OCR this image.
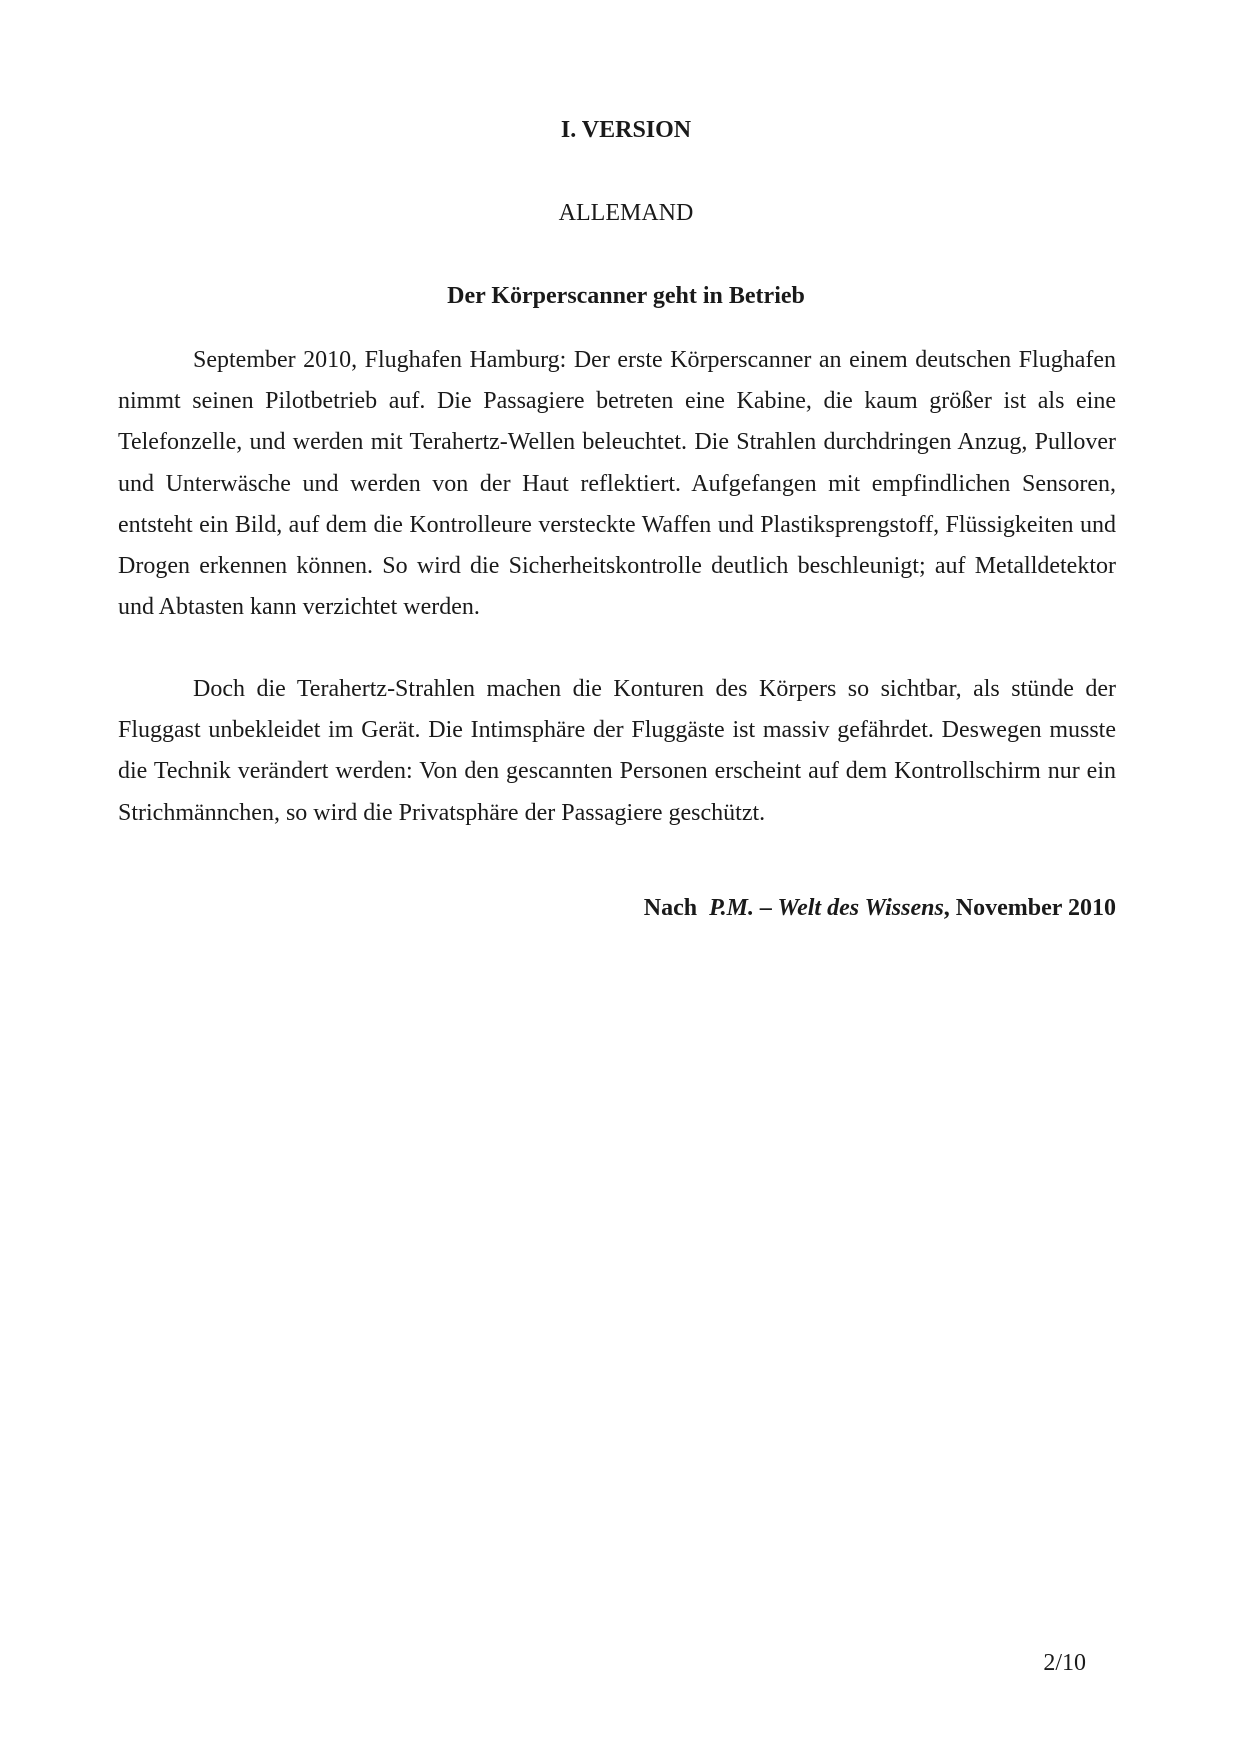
I. VERSION
ALLEMAND
Der Körperscanner geht in Betrieb

September 2010, Flughafen Hamburg: Der erste Körperscanner an einem deutschen Flughafen nimmt seinen Pilotbetrieb auf. Die Passagiere betreten eine Kabine, die kaum größer ist als eine Telefonzelle, und werden mit Terahertz-Wellen beleuchtet. Die Strahlen durchdringen Anzug, Pullover und Unterwäsche und werden von der Haut reflektiert. Aufgefangen mit empfindlichen Sensoren, entsteht ein Bild, auf dem die Kontrolleure versteckte Waffen und Plastiksprengstoff, Flüssigkeiten und Drogen erkennen können. So wird die Sicherheitskontrolle deutlich beschleunigt; auf Metalldetektor und Abtasten kann verzichtet werden.

Doch die Terahertz-Strahlen machen die Konturen des Körpers so sichtbar, als stünde der Fluggast unbekleidet im Gerät. Die Intimsphäre der Fluggäste ist massiv gefährdet. Deswegen musste die Technik verändert werden: Von den gescannten Personen erscheint auf dem Kontrollschirm nur ein Strichmännchen, so wird die Privatsphäre der Passagiere geschützt.

Nach P.M. – Welt des Wissens, November 2010
2/10
